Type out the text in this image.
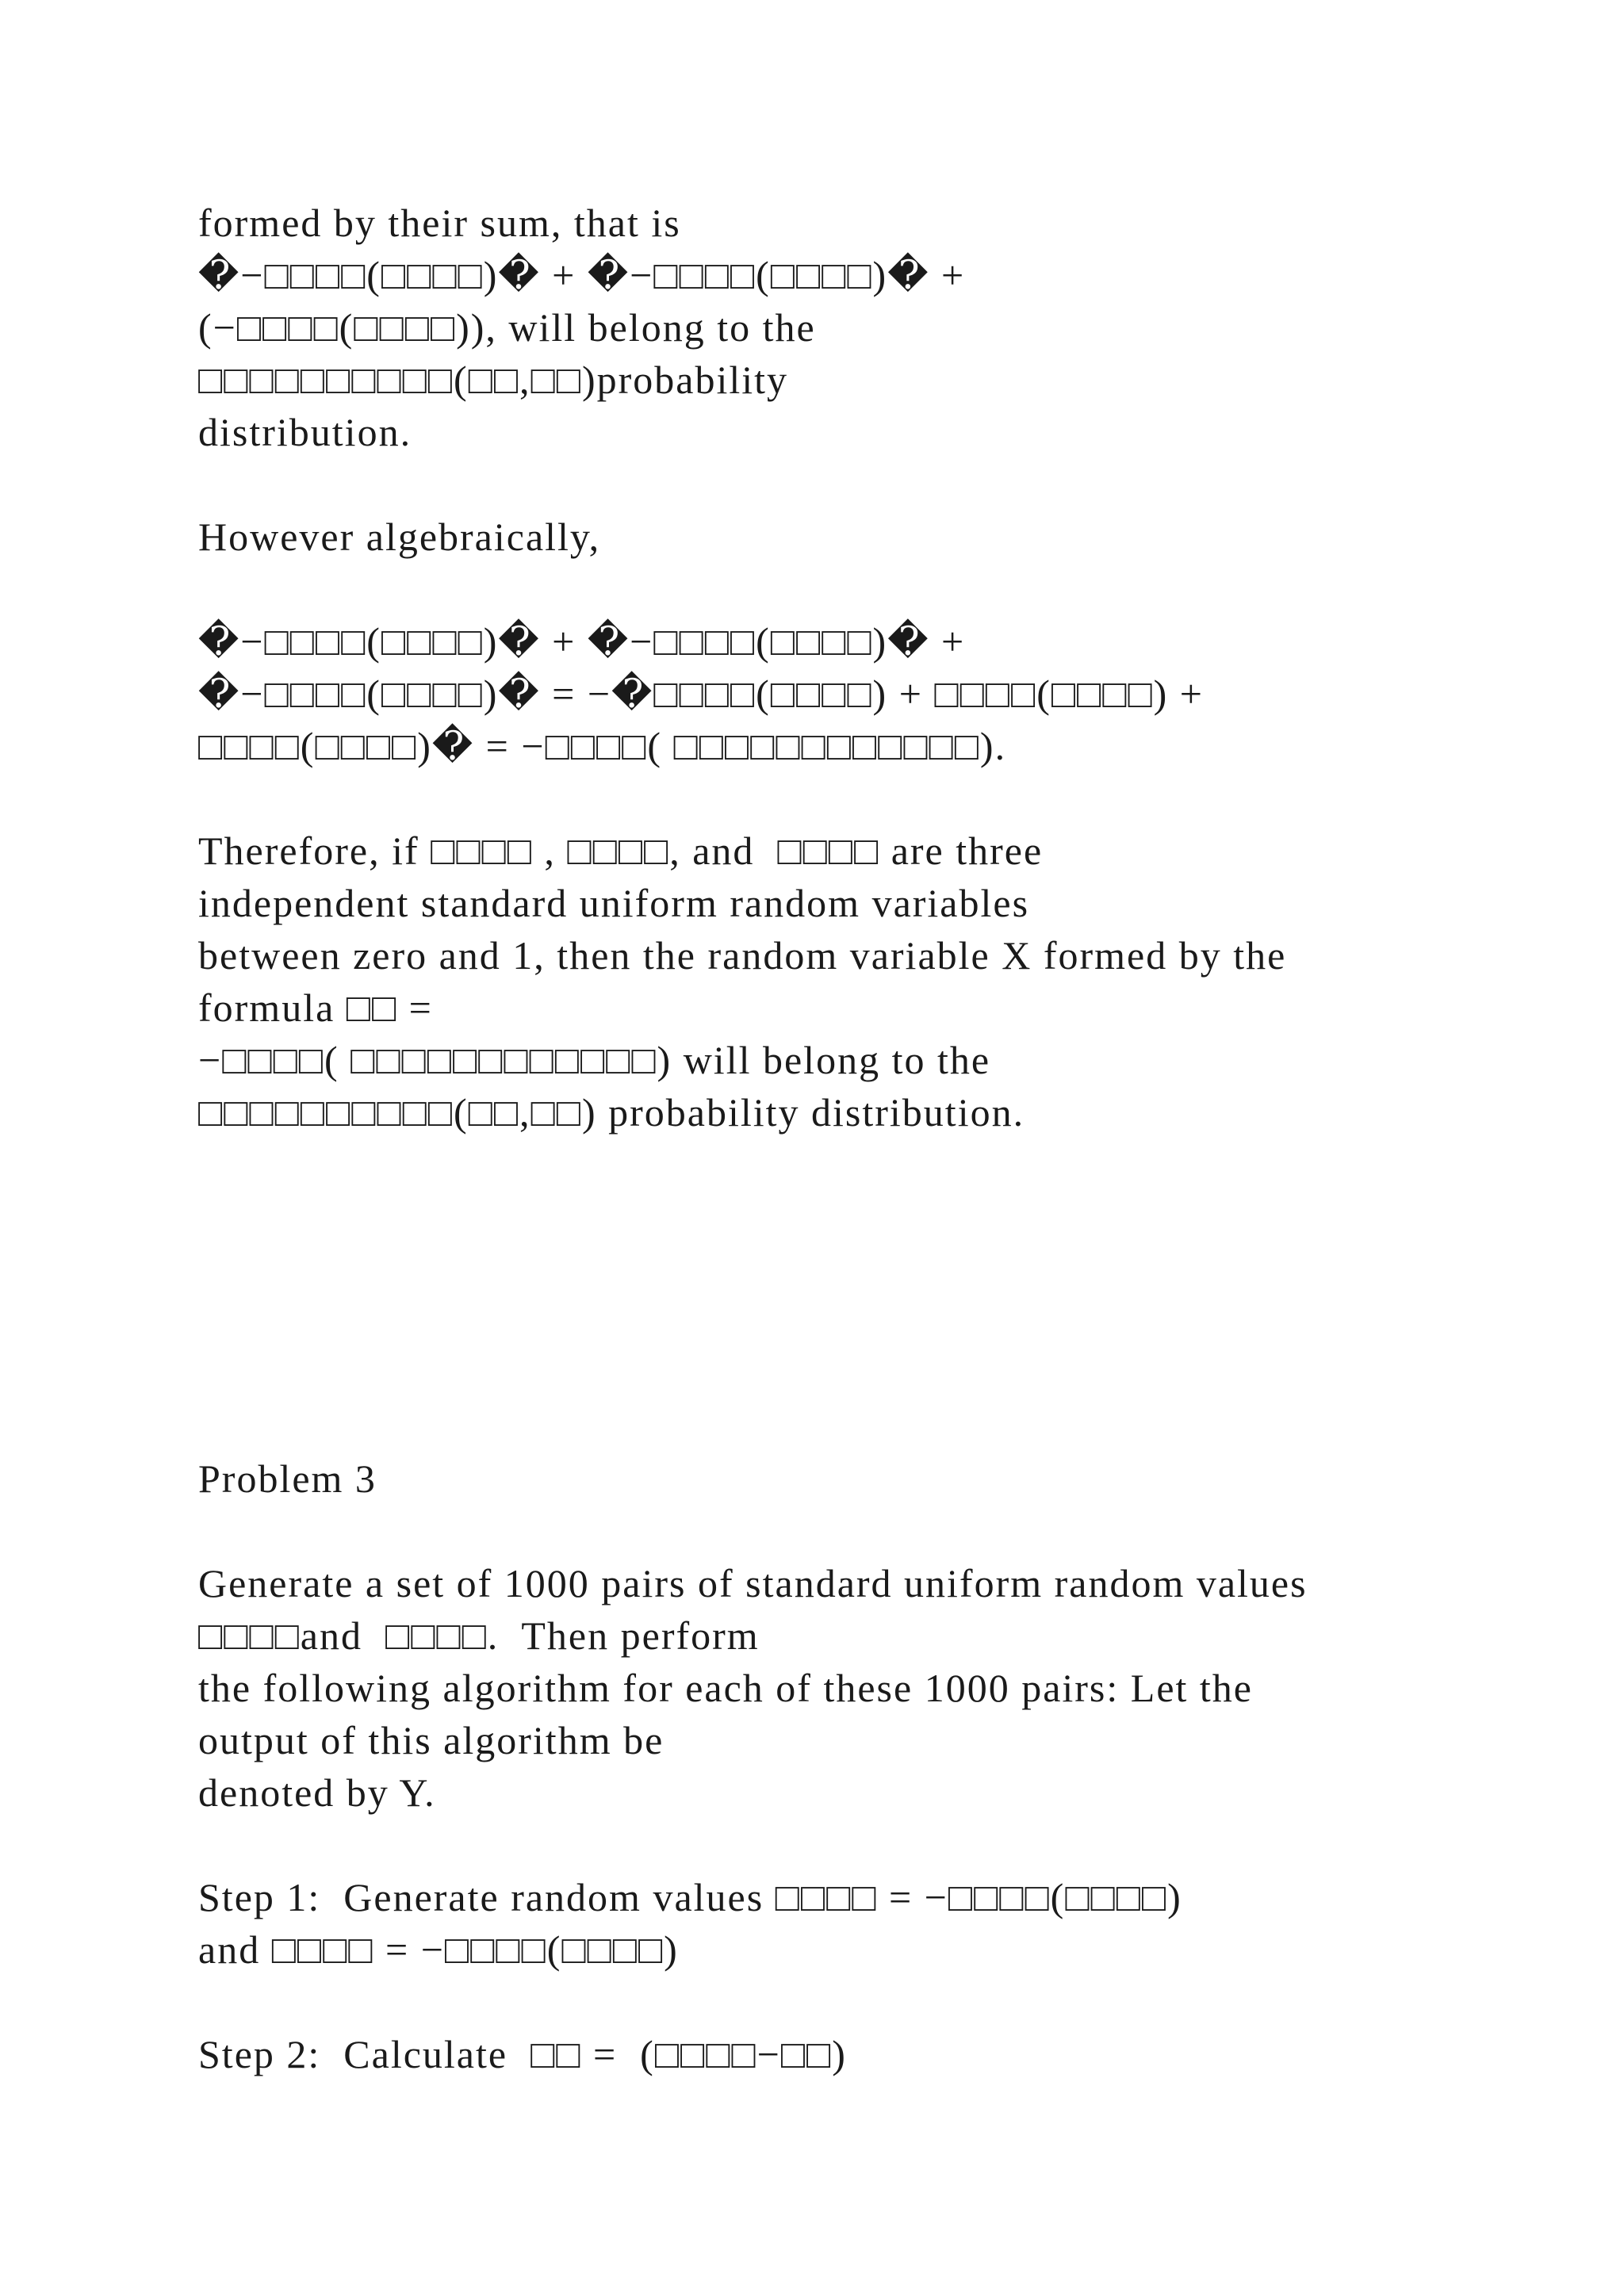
formed by their sum, that is
�−□□□□(□□□□)� + �−□□□□(□□□□)� +
(−□□□□(□□□□)), will belong to the
□□□□□□□□□□(□□,□□)probability
distribution.
However algebraically,
�−□□□□(□□□□)� + �−□□□□(□□□□)� +
�−□□□□(□□□□)� = −�□□□□(□□□□) + □□□□(□□□□) +
□□□□(□□□□)� = −□□□□( □□□□□□□□□□□□).
Therefore, if □□□□ , □□□□, and  □□□□ are three
independent standard uniform random variables
between zero and 1, then the random variable X formed by the
formula □□ =
−□□□□( □□□□□□□□□□□□) will belong to the
□□□□□□□□□□(□□,□□) probability distribution.
Problem 3
Generate a set of 1000 pairs of standard uniform random values
□□□□and  □□□□.  Then perform
the following algorithm for each of these 1000 pairs: Let the
output of this algorithm be
denoted by Y.
Step 1:  Generate random values □□□□ = −□□□□(□□□□)
and □□□□ = −□□□□(□□□□)
Step 2:  Calculate  □□ =  (□□□□−□□)
